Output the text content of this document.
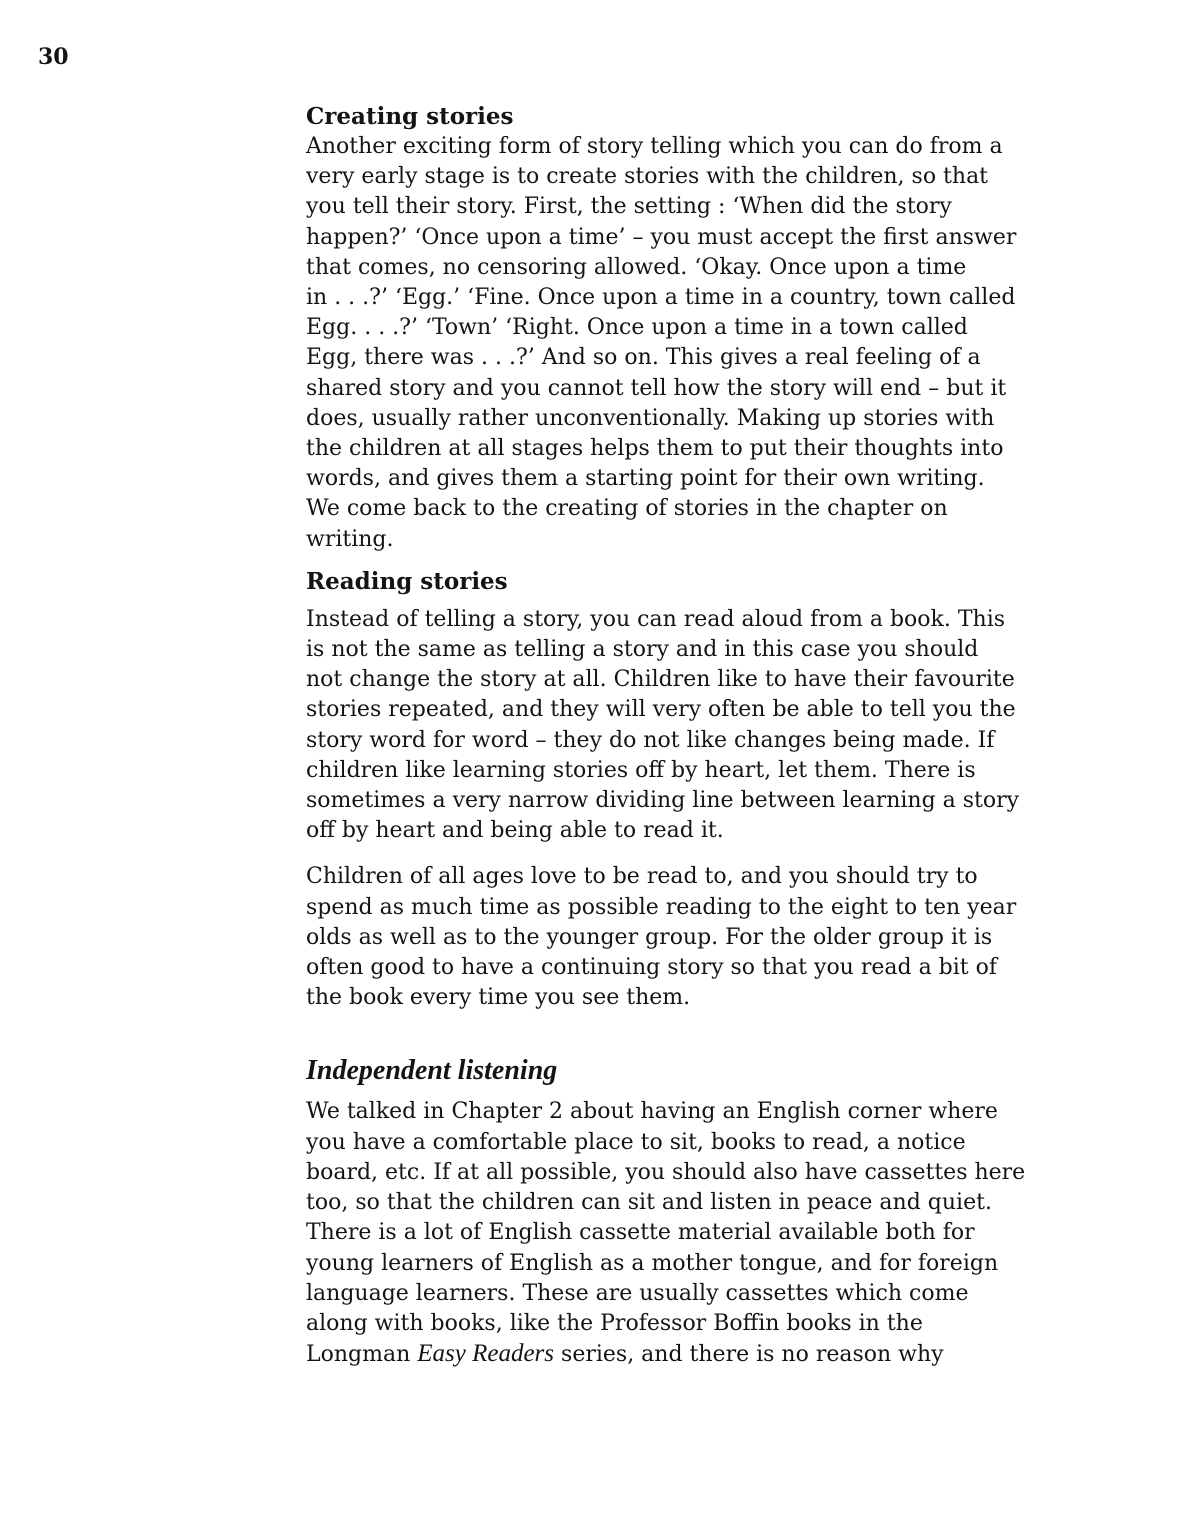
30
Creating stories

Another exciting form of story telling which you can do from a
very early stage is to create stories with the children, so that
you tell their story. First, the setting : ‘When did the story
happen?’ ‘Once upon a time’ – you must accept the first answer
that comes, no censoring allowed. ‘Okay. Once upon a time
in . . .?’ ‘Egg.’ ‘Fine. Once upon a time in a country, town called
Egg. . . .?’ ‘Town’ ‘Right. Once upon a time in a town called
Egg, there was . . .?’ And so on. This gives a real feeling of a
shared story and you cannot tell how the story will end – but it
does, usually rather unconventionally. Making up stories with
the children at all stages helps them to put their thoughts into
words, and gives them a starting point for their own writing.
We come back to the creating of stories in the chapter on
writing.

Reading stories

Instead of telling a story, you can read aloud from a book. This
is not the same as telling a story and in this case you should
not change the story at all. Children like to have their favourite
stories repeated, and they will very often be able to tell you the
story word for word – they do not like changes being made. If
children like learning stories off by heart, let them. There is
sometimes a very narrow dividing line between learning a story
off by heart and being able to read it.

Children of all ages love to be read to, and you should try to
spend as much time as possible reading to the eight to ten year
olds as well as to the younger group. For the older group it is
often good to have a continuing story so that you read a bit of
the book every time you see them.

Independent listening

We talked in Chapter 2 about having an English corner where
you have a comfortable place to sit, books to read, a notice
board, etc. If at all possible, you should also have cassettes here
too, so that the children can sit and listen in peace and quiet.
There is a lot of English cassette material available both for
young learners of English as a mother tongue, and for foreign
language learners. These are usually cassettes which come
along with books, like the Professor Boffin books in the
Longman Easy Readers series, and there is no reason why
